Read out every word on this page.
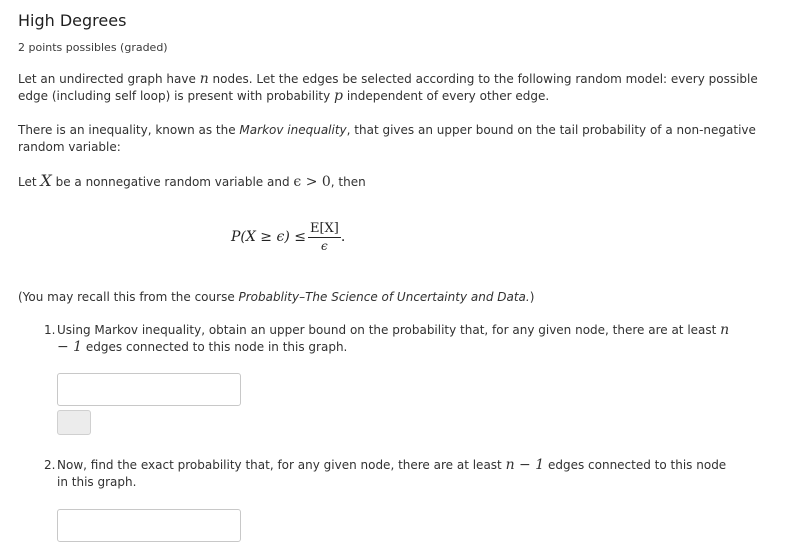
High Degrees
2 points possibles (graded)
Let an undirected graph have n nodes. Let the edges be selected according to the following random model: every possible edge (including self loop) is present with probability p independent of every other edge.
There is an inequality, known as the Markov inequality, that gives an upper bound on the tail probability of a non-negative random variable:
Let X be a nonnegative random variable and ϵ > 0, then
$P(X \ge \epsilon) \le \frac{E[X]}{\epsilon}$ .
(You may recall this from the course Probablity–The Science of Uncertainty and Data.)
1. Using Markov inequality, obtain an upper bound on the probability that, for any given node, there are at least n − 1 edges connected to this node in this graph.
2. Now, find the exact probability that, for any given node, there are at least n − 1 edges connected to this node in this graph.
